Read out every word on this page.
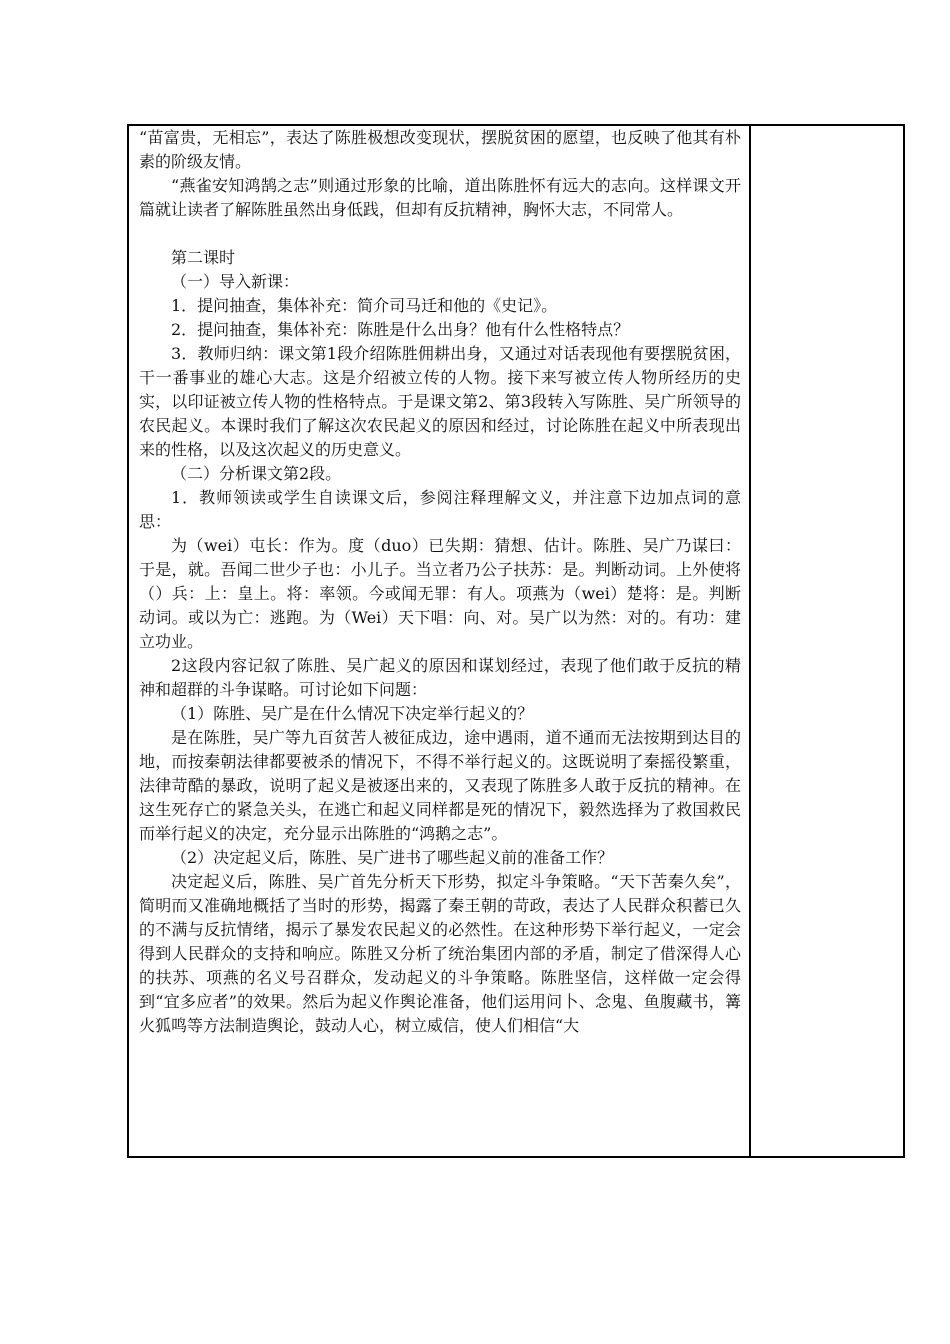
“苗富贵，无相忘”，表达了陈胜极想改变现状，摆脱贫困的愿望，也反映了他其有朴素的阶级友情。

“燕雀安知鸿鹄之志”则通过形象的比喻，道出陈胜怀有远大的志向。这样课文开篇就让读者了解陈胜虽然出身低践，但却有反抗精神，胸怀大志，不同常人。

第二课时

（一）导入新课：

1．提问抽查，集体补充：简介司马迁和他的《史记》。

2．提问抽查，集体补充：陈胜是什么出身？他有什么性格特点？

3．教师归纳：课文第1段介绍陈胜佣耕出身，又通过对话表现他有要摆脱贫困，干一番事业的雄心大志。这是介绍被立传的人物。接下来写被立传人物所经历的史实，以印证被立传人物的性格特点。于是课文第2、第3段转入写陈胜、吴广所领导的农民起义。本课时我们了解这次农民起义的原因和经过，讨论陈胜在起义中所表现出来的性格，以及这次起义的历史意义。

（二）分析课文第2段。

1．教师领读或学生自读课文后，参阅注释理解文义，并注意下边加点词的意思：

为（wei）屯长：作为。度（duo）已失期：猜想、估计。陈胜、吴广乃谋曰：于是，就。吾闻二世少子也：小儿子。当立者乃公子扶苏：是。判断动词。上外使将（）兵：上：皇上。将：率领。今或闻无罪：有人。项燕为（wei）楚将：是。判断动词。或以为亡：逃跑。为（Wei）天下唱：向、对。吴广以为然：对的。有功：建立功业。

2这段内容记叙了陈胜、吴广起义的原因和谋划经过，表现了他们敢于反抗的精神和超群的斗争谋略。可讨论如下问题：

（1）陈胜、吴广是在什么情况下决定举行起义的？

是在陈胜，吴广等九百贫苦人被征成边，途中遇雨，道不通而无法按期到达目的地，而按秦朝法律都要被杀的情况下，不得不举行起义的。这既说明了秦摇役繁重，法律苛酷的暴政，说明了起义是被逐出来的，又表现了陈胜多人敢于反抗的精神。在这生死存亡的紧急关头，在逃亡和起义同样都是死的情况下，毅然选择为了救国救民而举行起义的决定，充分显示出陈胜的“鸿鹅之志”。

（2）决定起义后，陈胜、吴广进书了哪些起义前的准备工作？

决定起义后，陈胜、吴广首先分析天下形势，拟定斗争策略。“天下苦秦久矣”，简明而又准确地概括了当时的形势，揭露了秦王朝的苛政，表达了人民群众积蓄已久的不满与反抗情绪，揭示了暴发农民起义的必然性。在这种形势下举行起义，一定会得到人民群众的支持和响应。陈胜又分析了统治集团内部的矛盾，制定了借深得人心的扶苏、项燕的名义号召群众，发动起义的斗争策略。陈胜坚信，这样做一定会得到“宜多应者”的效果。然后为起义作舆论准备，他们运用问卜、念鬼、鱼腹藏书，篝火狐鸣等方法制造舆论，鼓动人心，树立威信，使人们相信“大
